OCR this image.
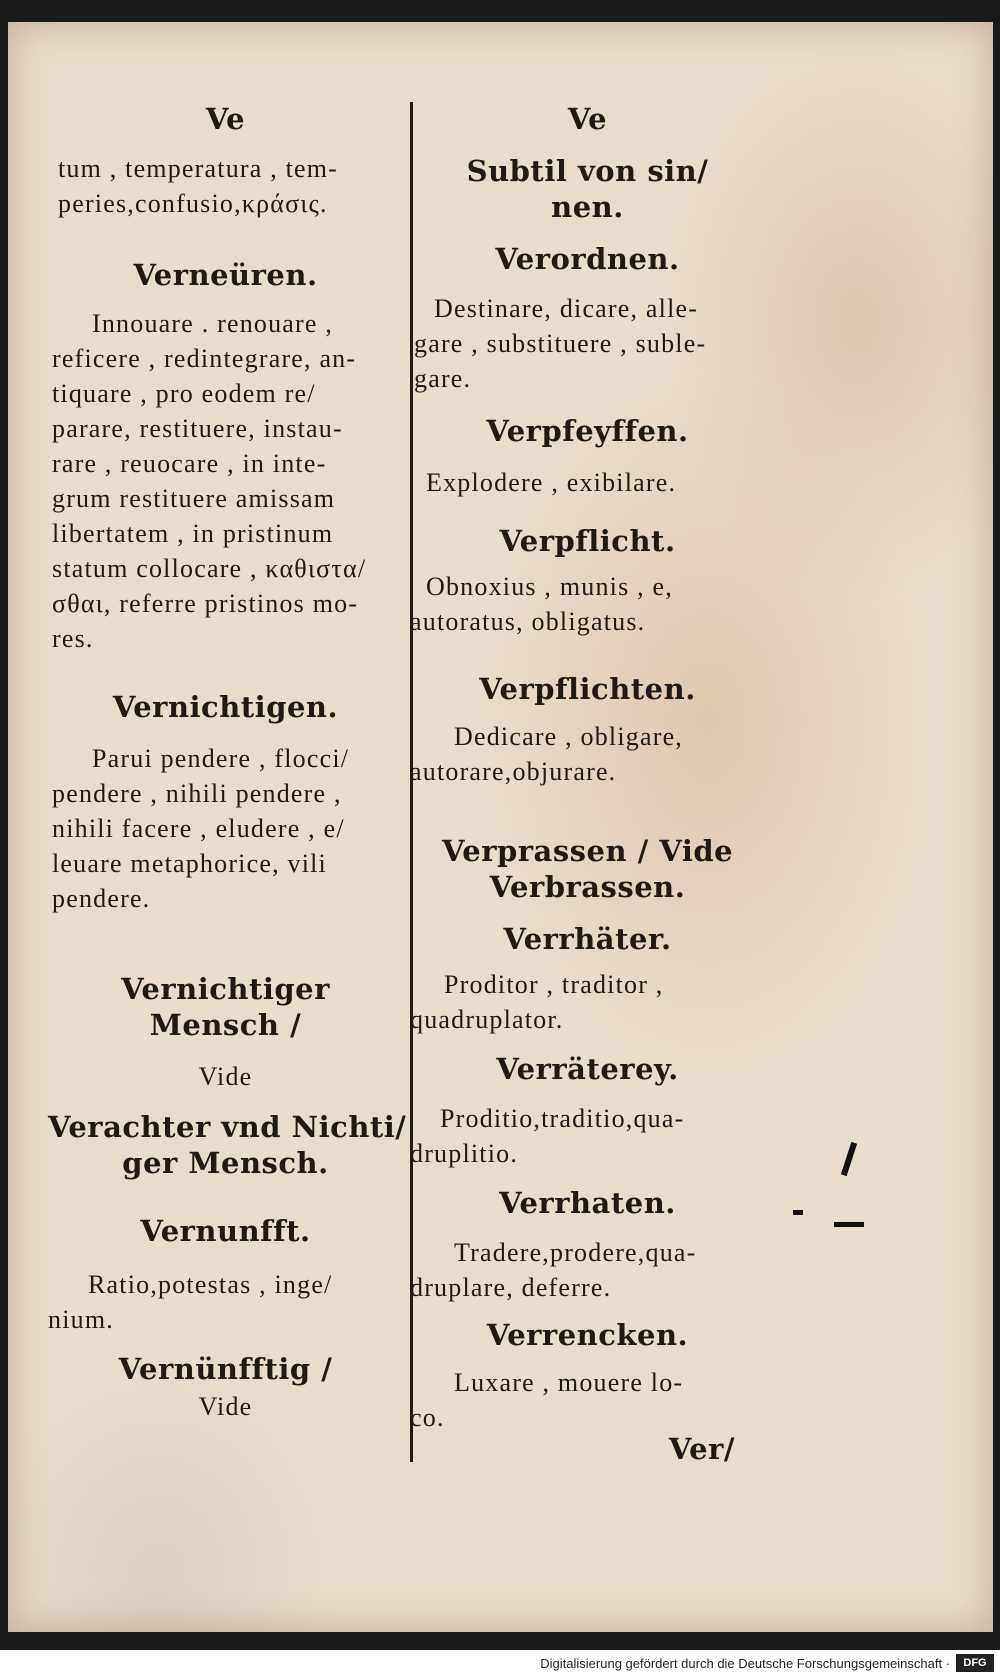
Ve

tum , temperatura , tem-

peries,confusio,κράσις.

Verneüren.

Innouare . renouare ,

reficere , redintegrare, an-

tiquare , pro eodem re/

parare, restituere, instau-

rare , reuocare , in inte-

grum restituere amissam

libertatem , in pristinum

statum collocare , καθιστα/

σθαι, referre pristinos mo-

res.

Vernichtigen.

Parui pendere , flocci/

pendere , nihili pendere ,

nihili facere , eludere , e/

leuare metaphorice, vili

pendere.

Vernichtiger

Mensch /

Vide

Verachter vnd Nichti/

ger Mensch.

Vernunfft.

Ratio,potestas , inge/

nium.

Vernünfftig /

Vide

Ve

Subtil von sin/

nen.

Verordnen.

Destinare, dicare, alle-

gare , substituere , suble-

gare.

Verpfeyffen.

Explodere , exibilare.

Verpflicht.

Obnoxius , munis , e,

autoratus, obligatus.

Verpflichten.

Dedicare , obligare,

autorare,objurare.

Verprassen / Vide

Verbrassen.

Verrhäter.

Proditor , traditor ,

quadruplator.

Verräterey.

Proditio,traditio,qua-

druplitio.

Verrhaten.

Tradere,prodere,qua-

druplare, deferre.

Verrencken.

Luxare , mouere lo-

co.

Ver/

Digitalisierung gefördert durch die Deutsche Forschungsgemeinschaft ·	DFG
